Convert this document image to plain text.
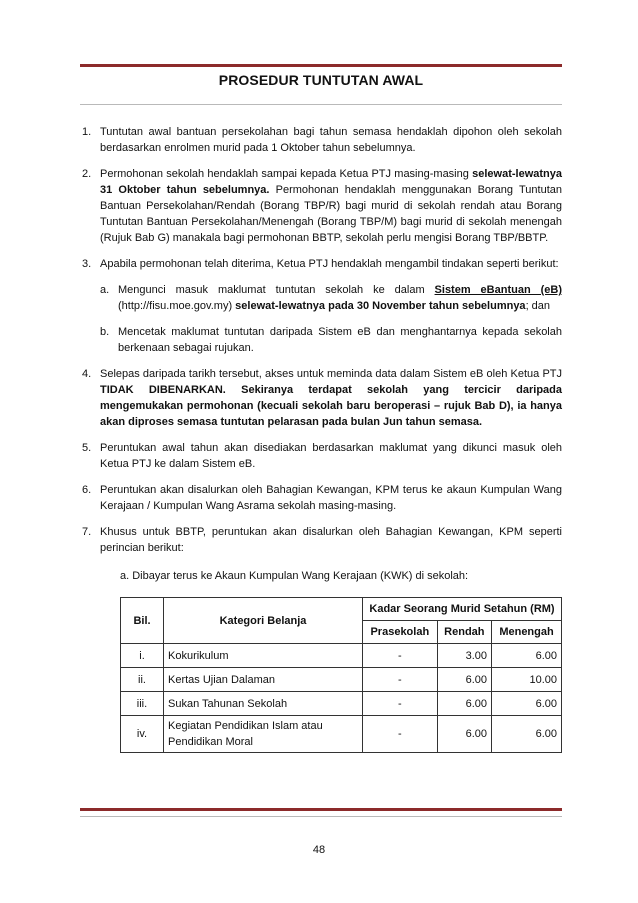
PROSEDUR TUNTUTAN AWAL
1. Tuntutan awal bantuan persekolahan bagi tahun semasa hendaklah dipohon oleh sekolah berdasarkan enrolmen murid pada 1 Oktober tahun sebelumnya.
2. Permohonan sekolah hendaklah sampai kepada Ketua PTJ masing-masing selewat-lewatnya 31 Oktober tahun sebelumnya. Permohonan hendaklah menggunakan Borang Tuntutan Bantuan Persekolahan/Rendah (Borang TBP/R) bagi murid di sekolah rendah atau Borang Tuntutan Bantuan Persekolahan/Menengah (Borang TBP/M) bagi murid di sekolah menengah (Rujuk Bab G) manakala bagi permohonan BBTP, sekolah perlu mengisi Borang TBP/BBTP.
3. Apabila permohonan telah diterima, Ketua PTJ hendaklah mengambil tindakan seperti berikut:
a. Mengunci masuk maklumat tuntutan sekolah ke dalam Sistem eBantuan (eB) (http://fisu.moe.gov.my) selewat-lewatnya pada 30 November tahun sebelumnya; dan
b. Mencetak maklumat tuntutan daripada Sistem eB dan menghantarnya kepada sekolah berkenaan sebagai rujukan.
4. Selepas daripada tarikh tersebut, akses untuk meminda data dalam Sistem eB oleh Ketua PTJ TIDAK DIBENARKAN. Sekiranya terdapat sekolah yang tercicir daripada mengemukakan permohonan (kecuali sekolah baru beroperasi – rujuk Bab D), ia hanya akan diproses semasa tuntutan pelarasan pada bulan Jun tahun semasa.
5. Peruntukan awal tahun akan disediakan berdasarkan maklumat yang dikunci masuk oleh Ketua PTJ ke dalam Sistem eB.
6. Peruntukan akan disalurkan oleh Bahagian Kewangan, KPM terus ke akaun Kumpulan Wang Kerajaan / Kumpulan Wang Asrama sekolah masing-masing.
7. Khusus untuk BBTP, peruntukan akan disalurkan oleh Bahagian Kewangan, KPM seperti perincian berikut:
a. Dibayar terus ke Akaun Kumpulan Wang Kerajaan (KWK) di sekolah:
Bil.	Kategori Belanja	Kadar Seorang Murid Setahun (RM)		
		Prasekolah	Rendah	Menengah
i.	Kokurikulum	-	3.00	6.00
ii.	Kertas Ujian Dalaman	-	6.00	10.00
iii.	Sukan Tahunan Sekolah	-	6.00	6.00
iv.	Kegiatan Pendidikan Islam atau Pendidikan Moral	-	6.00	6.00
48
